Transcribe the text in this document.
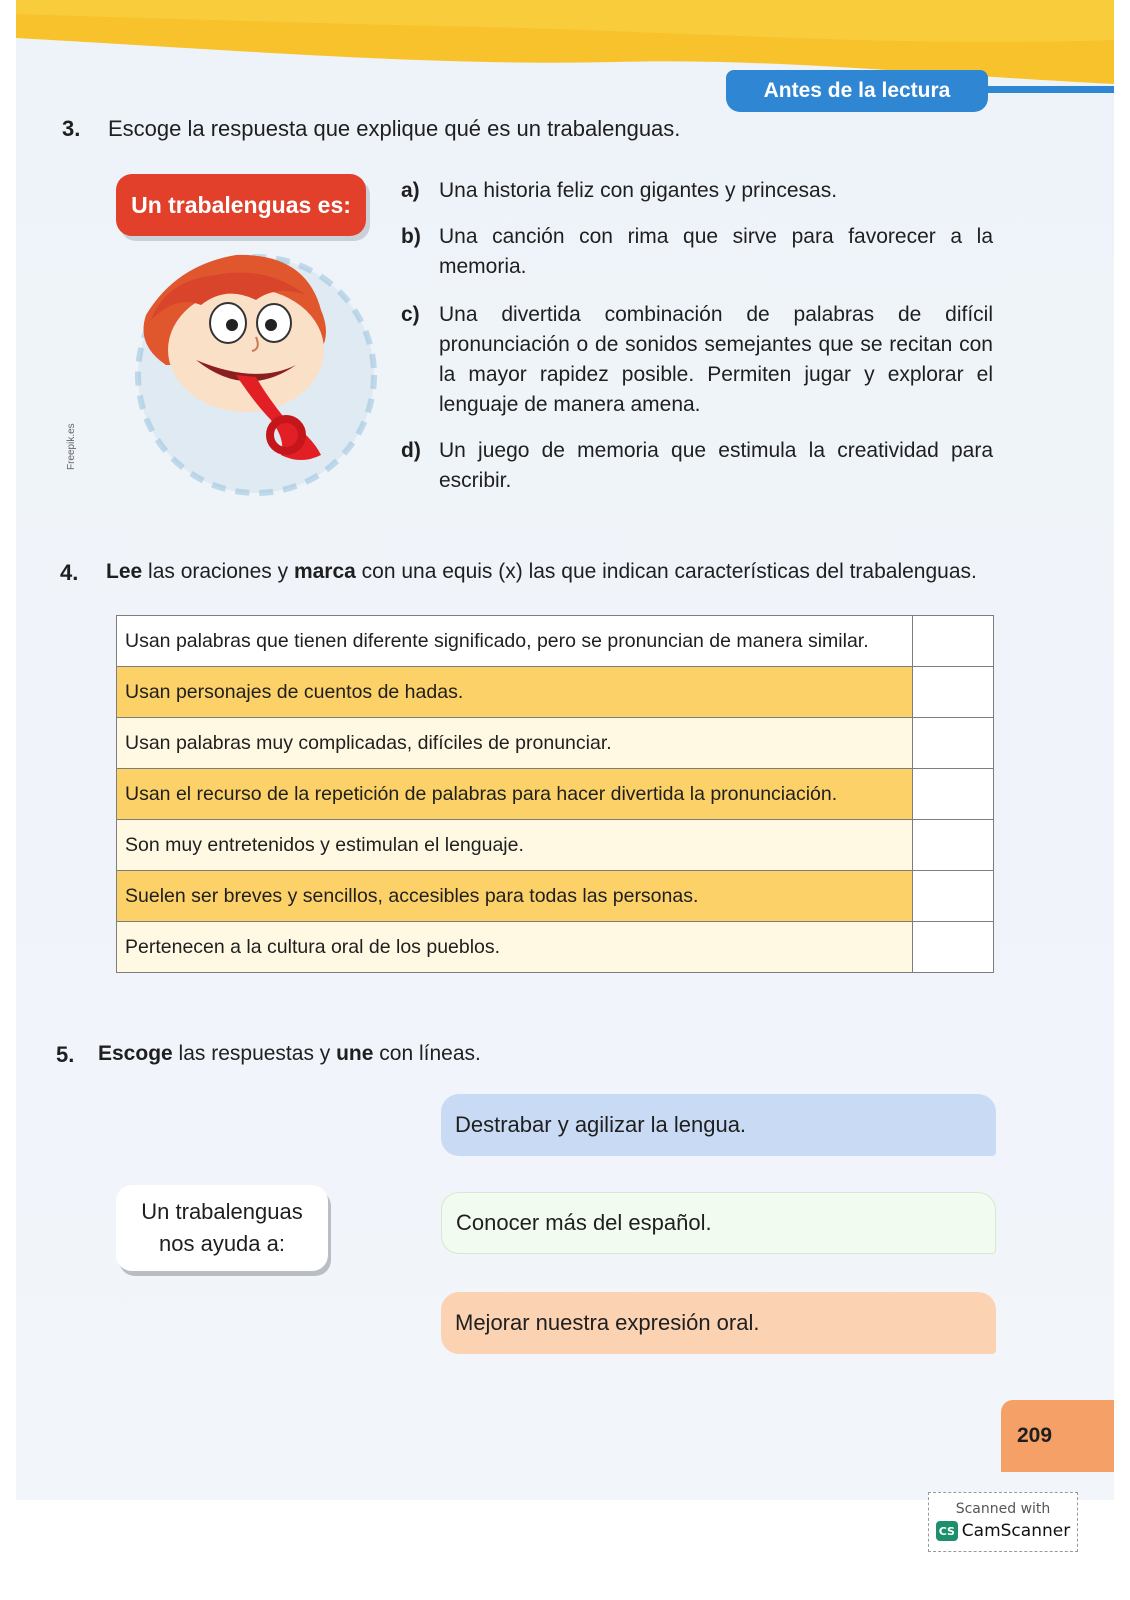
Antes de la lectura
3. Escoge la respuesta que explique qué es un trabalenguas.
Un trabalenguas es:
Freepik.es
a) Una historia feliz con gigantes y princesas.
b) Una canción con rima que sirve para favorecer a la memoria.
c) Una divertida combinación de palabras de difícil pronunciación o de sonidos semejantes que se recitan con la mayor rapidez posible. Permiten jugar y explorar el lenguaje de manera amena.
d) Un juego de memoria que estimula la creatividad para escribir.
4. Lee las oraciones y marca con una equis (x) las que indican características del trabalenguas.
Usan palabras que tienen diferente significado, pero se pronuncian de manera similar.	
Usan personajes de cuentos de hadas.	
Usan palabras muy complicadas, difíciles de pronunciar.	
Usan el recurso de la repetición de palabras para hacer divertida la pronunciación.	
Son muy entretenidos y estimulan el lenguaje.	
Suelen ser breves y sencillos, accesibles para todas las personas.	
Pertenecen a la cultura oral de los pueblos.	
5. Escoge las respuestas y une con líneas.
Un trabalenguas
nos ayuda a:
Destrabar y agilizar la lengua.
Conocer más del español.
Mejorar nuestra expresión oral.
209
Scanned with
CS CamScanner
